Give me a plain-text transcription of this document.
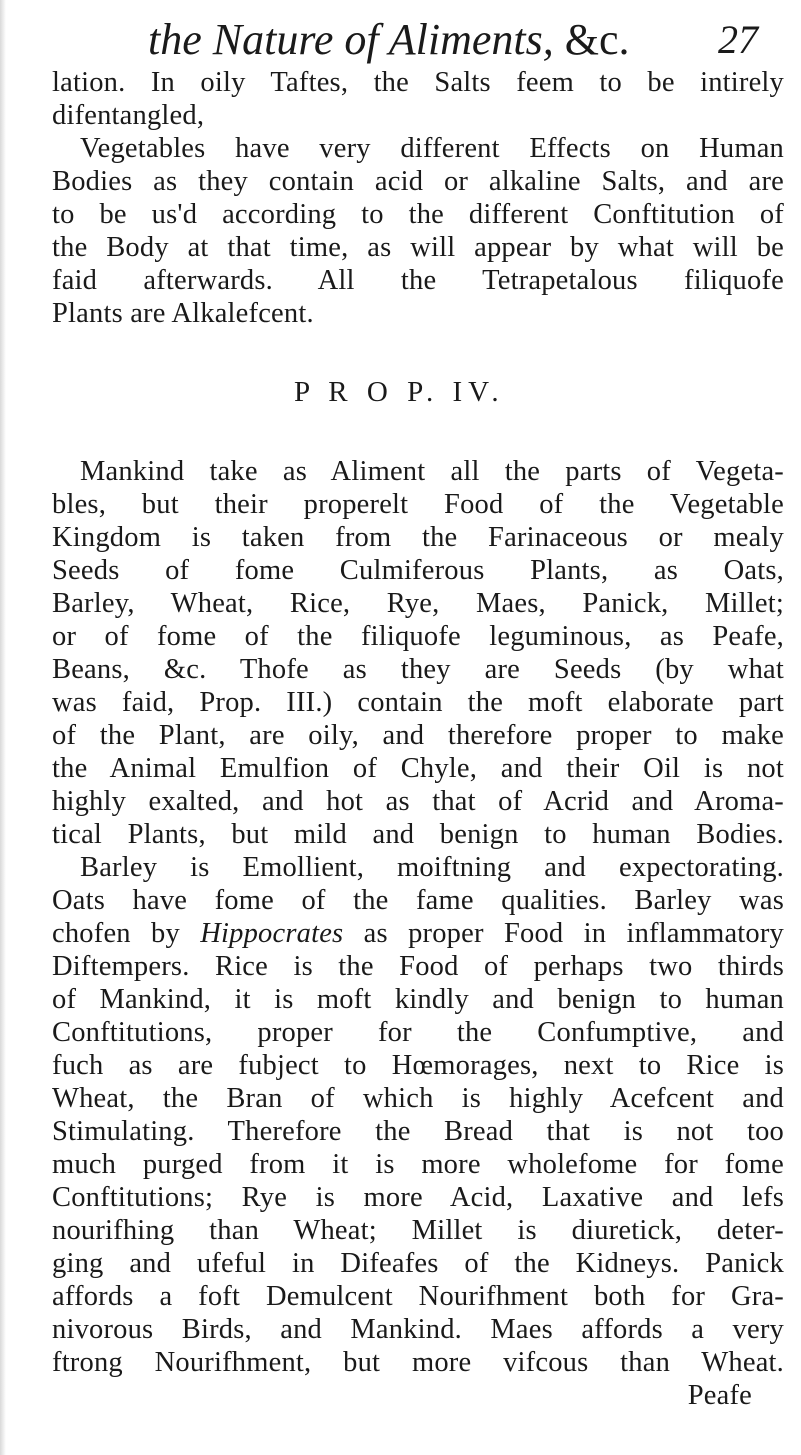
the Nature of Aliments, &c. 27
lation. In oily Taftes, the Salts feem to be intirely
difentangled,
Vegetables have very different Effects on Human
Bodies as they contain acid or alkaline Salts, and are
to be us'd according to the different Conftitution of
the Body at that time, as will appear by what will be
faid afterwards. All the Tetrapetalous filiquofe
Plants are Alkalefcent.
P R O P. IV.
Mankind take as Aliment all the parts of Vegeta-
bles, but their properelt Food of the Vegetable
Kingdom is taken from the Farinaceous or mealy
Seeds of fome Culmiferous Plants, as Oats,
Barley, Wheat, Rice, Rye, Maes, Panick, Millet;
or of fome of the filiquofe leguminous, as Peafe,
Beans, &c. Thofe as they are Seeds (by what
was faid, Prop. III.) contain the moft elaborate part
of the Plant, are oily, and therefore proper to make
the Animal Emulfion of Chyle, and their Oil is not
highly exalted, and hot as that of Acrid and Aroma-
tical Plants, but mild and benign to human Bodies.
Barley is Emollient, moiftning and expectorating.
Oats have fome of the fame qualities. Barley was
chofen by Hippocrates as proper Food in inflammatory
Diftempers. Rice is the Food of perhaps two thirds
of Mankind, it is moft kindly and benign to human
Conftitutions, proper for the Confumptive, and
fuch as are fubject to Hœmorages, next to Rice is
Wheat, the Bran of which is highly Acefcent and
Stimulating. Therefore the Bread that is not too
much purged from it is more wholefome for fome
Conftitutions; Rye is more Acid, Laxative and lefs
nourifhing than Wheat; Millet is diuretick, deter-
ging and ufeful in Difeafes of the Kidneys. Panick
affords a foft Demulcent Nourifhment both for Gra-
nivorous Birds, and Mankind. Maes affords a very
ftrong Nourifhment, but more vifcous than Wheat.
Peafe
